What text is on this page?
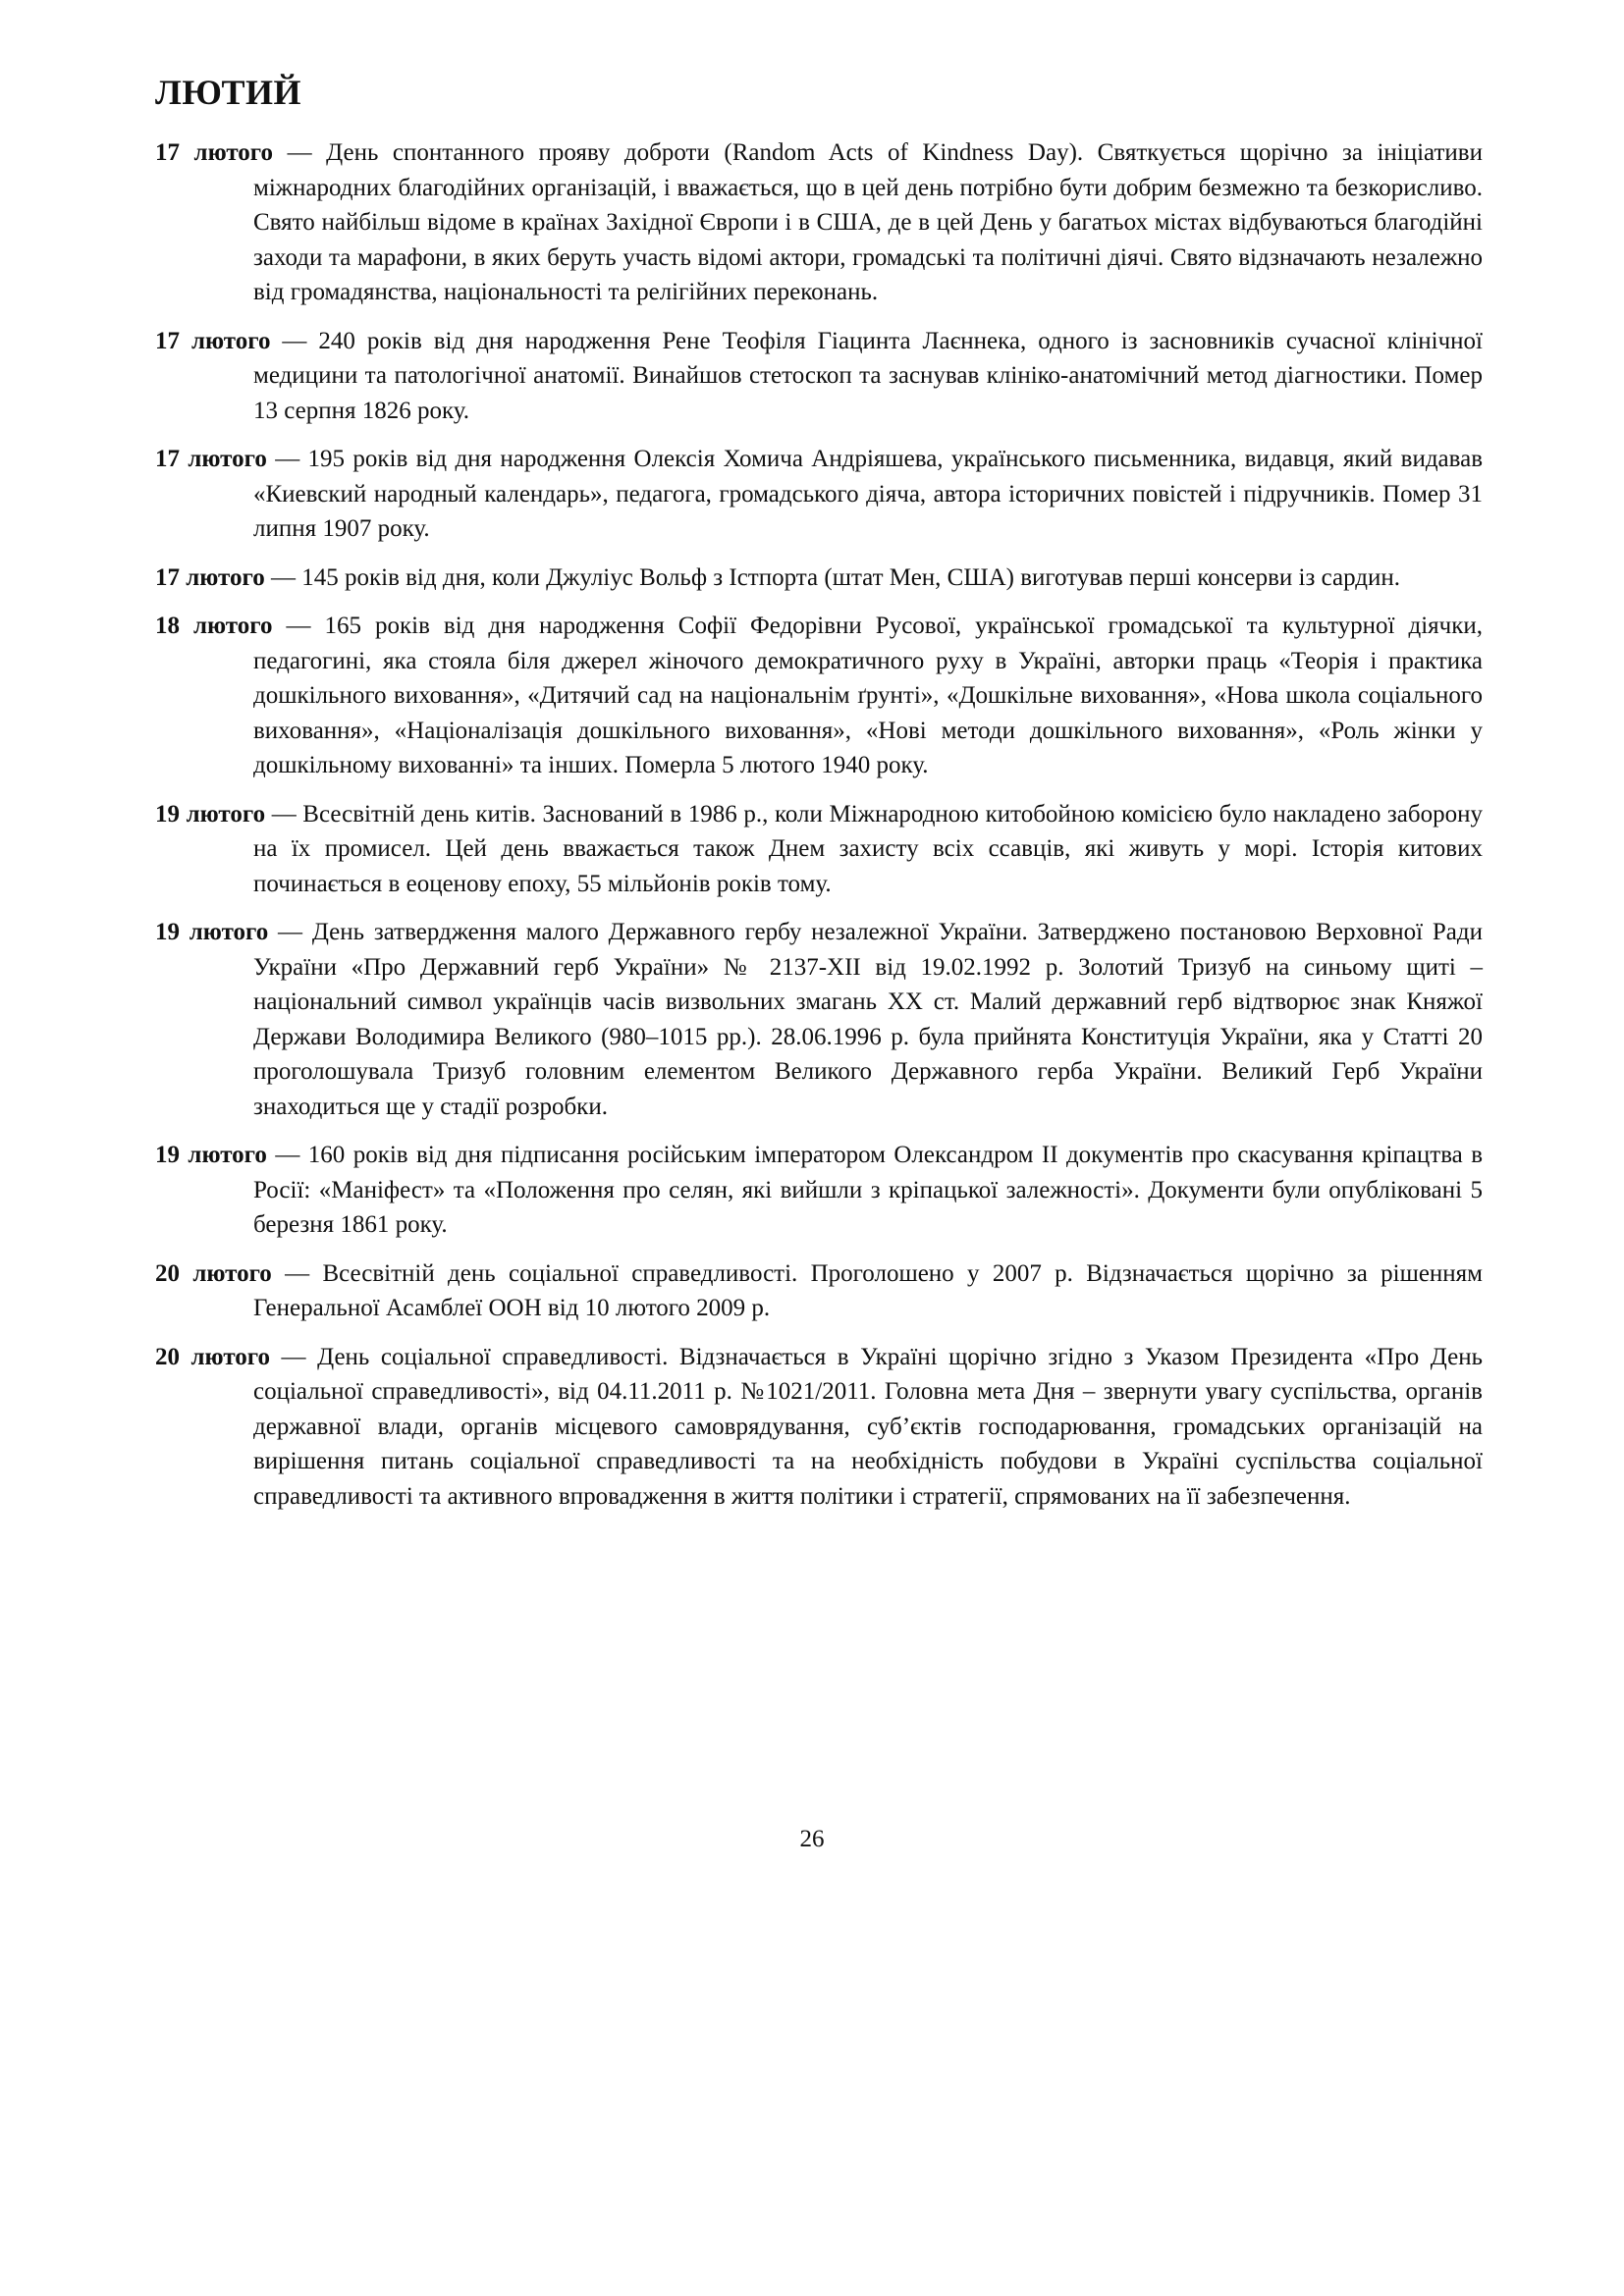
ЛЮТИЙ

17 лютого — День спонтанного прояву доброти (Random Acts of Kindness Day). Святкується щорічно за ініціативи міжнародних благодійних організацій, і вважається, що в цей день потрібно бути добрим безмежно та безкорисливо. Свято найбільш відоме в країнах Західної Європи і в США, де в цей День у багатьох містах відбуваються благодійні заходи та марафони, в яких беруть участь відомі актори, громадські та політичні діячі. Свято відзначають незалежно від громадянства, національності та релігійних переконань.

17 лютого — 240 років від дня народження Рене Теофіля Гіацинта Лаєннека, одного із засновників сучасної клінічної медицини та патологічної анатомії. Винайшов стетоскоп та заснував клініко-анатомічний метод діагностики. Помер 13 серпня 1826 року.

17 лютого — 195 років від дня народження Олексія Хомича Андріяшева, українського письменника, видавця, який видавав «Киевский народный календарь», педагога, громадського діяча, автора історичних повістей і підручників. Помер 31 липня 1907 року.

17 лютого — 145 років від дня, коли Джуліус Вольф з Істпорта (штат Мен, США) виготував перші консерви із сардин.

18 лютого — 165 років від дня народження Софії Федорівни Русової, української громадської та культурної діячки, педагогині, яка стояла біля джерел жіночого демократичного руху в Україні, авторки праць «Теорія і практика дошкільного виховання», «Дитячий сад на національнім ґрунті», «Дошкільне виховання», «Нова школа соціального виховання», «Націоналізація дошкільного виховання», «Нові методи дошкільного виховання», «Роль жінки у дошкільному вихованні» та інших. Померла 5 лютого 1940 року.

19 лютого — Всесвітній день китів. Заснований в 1986 р., коли Міжнародною китобойною комісією було накладено заборону на їх промисел. Цей день вважається також Днем захисту всіх ссавців, які живуть у морі. Історія китових починається в еоценову епоху, 55 мільйонів років тому.

19 лютого — День затвердження малого Державного гербу незалежної України. Затверджено постановою Верховної Ради України «Про Державний герб України» № 2137-XII від 19.02.1992 р. Золотий Тризуб на синьому щиті – національний символ українців часів визвольних змагань XX ст. Малий державний герб відтворює знак Княжої Держави Володимира Великого (980–1015 рр.). 28.06.1996 р. була прийнята Конституція України, яка у Статті 20 проголошувала Тризуб головним елементом Великого Державного герба України. Великий Герб України знаходиться ще у стадії розробки.

19 лютого — 160 років від дня підписання російським імператором Олександром II документів про скасування кріпацтва в Росії: «Маніфест» та «Положення про селян, які вийшли з кріпацької залежності». Документи були опубліковані 5 березня 1861 року.

20 лютого — Всесвітній день соціальної справедливості. Проголошено у 2007 р. Відзначається щорічно за рішенням Генеральної Асамблеї ООН від 10 лютого 2009 р.

20 лютого — День соціальної справедливості. Відзначається в Україні щорічно згідно з Указом Президента «Про День соціальної справедливості», від 04.11.2011 р. №1021/2011. Головна мета Дня – звернути увагу суспільства, органів державної влади, органів місцевого самоврядування, суб’єктів господарювання, громадських організацій на вирішення питань соціальної справедливості та на необхідність побудови в Україні суспільства соціальної справедливості та активного впровадження в життя політики і стратегії, спрямованих на її забезпечення.

26
